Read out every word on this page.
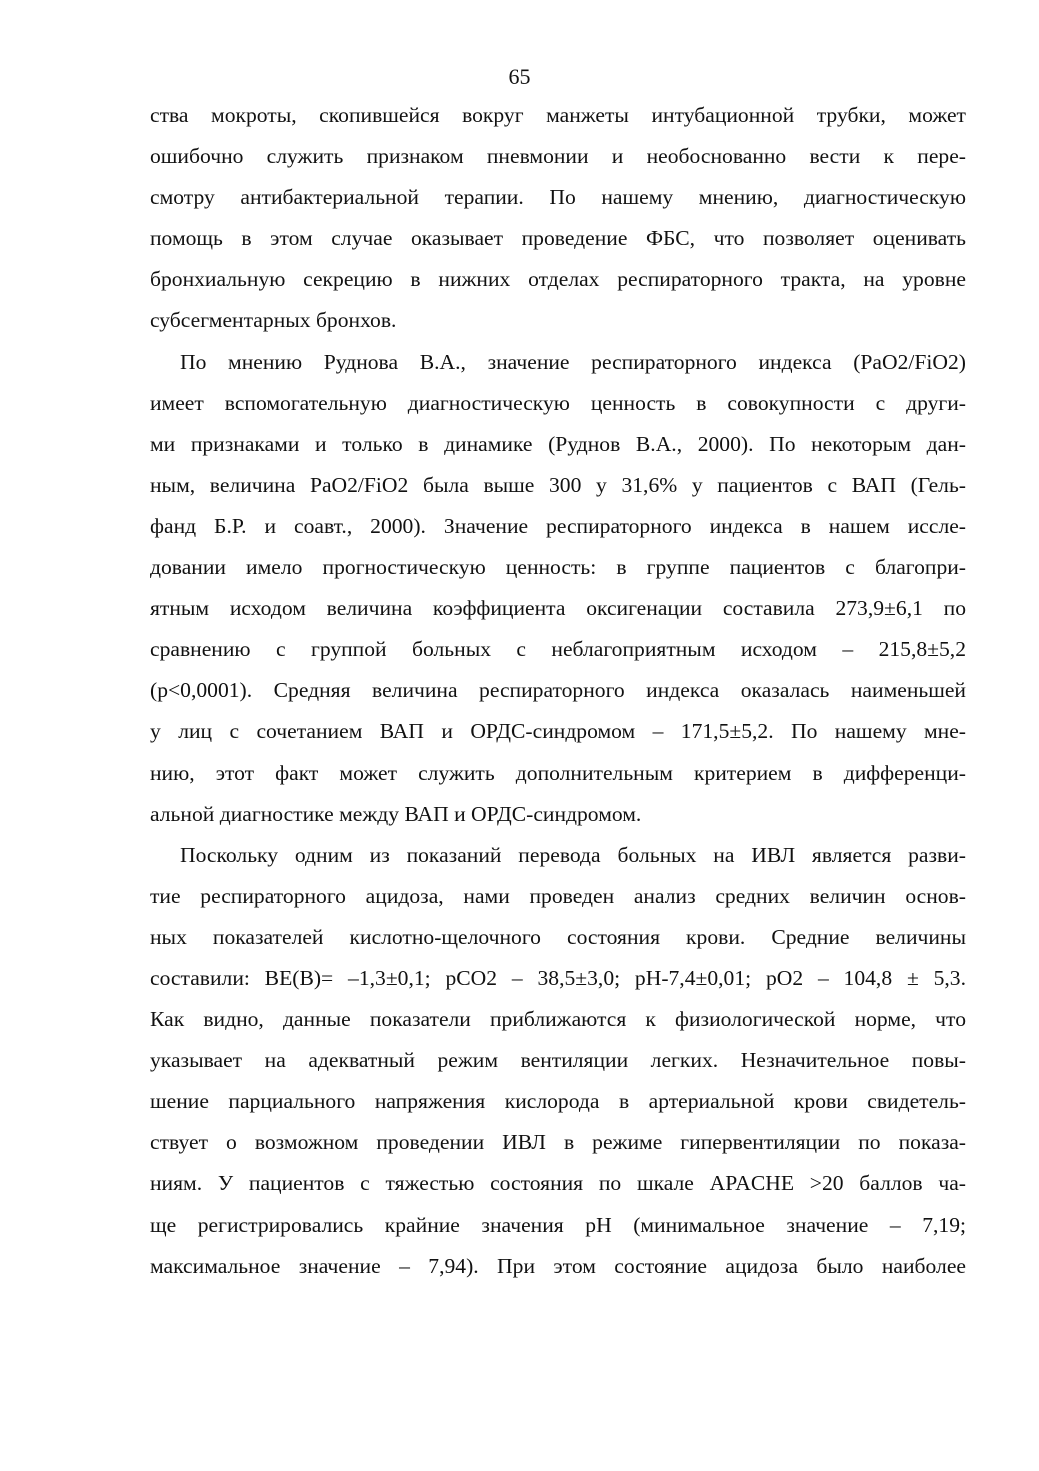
65
ства мокроты, скопившейся вокруг манжеты интубационной трубки, может
ошибочно служить признаком пневмонии и необоснованно вести к пере-
смотру антибактериальной терапии. По нашему мнению, диагностическую
помощь в этом случае оказывает проведение ФБС, что позволяет оценивать
бронхиальную секрецию в нижних отделах респираторного тракта, на уровне
субсегментарных бронхов.
По мнению Руднова В.А., значение респираторного индекса (PaO2/FiO2)
имеет вспомогательную диагностическую ценность в совокупности с други-
ми признаками и только в динамике (Руднов В.А., 2000). По некоторым дан-
ным, величина PaO2/FiO2 была выше 300 у 31,6% у пациентов с ВАП (Гель-
фанд Б.Р. и соавт., 2000). Значение респираторного индекса в нашем иссле-
довании имело прогностическую ценность: в группе пациентов с благопри-
ятным исходом величина коэффициента оксигенации составила 273,9±6,1 по
сравнению с группой больных с неблагоприятным исходом – 215,8±5,2
(p<0,0001). Средняя величина респираторного индекса оказалась наименьшей
у лиц с сочетанием ВАП и ОРДС-синдромом – 171,5±5,2. По нашему мне-
нию, этот факт может служить дополнительным критерием в дифференци-
альной диагностике между ВАП и ОРДС-синдромом.
Поскольку одним из показаний перевода больных на ИВЛ является разви-
тие респираторного ацидоза, нами проведен анализ средних величин основ-
ных показателей кислотно-щелочного состояния крови. Средние величины
составили: BE(B)= –1,3±0,1; pCO2 – 38,5±3,0; pH-7,4±0,01; pO2 – 104,8 ± 5,3.
Как видно, данные показатели приближаются к физиологической норме, что
указывает на адекватный режим вентиляции легких. Незначительное повы-
шение парциального напряжения кислорода в артериальной крови свидетель-
ствует о возможном проведении ИВЛ в режиме гипервентиляции по показа-
ниям. У пациентов с тяжестью состояния по шкале APACHE >20 баллов ча-
ще регистрировались крайние значения pH (минимальное значение – 7,19;
максимальное значение – 7,94). При этом состояние ацидоза было наиболее
